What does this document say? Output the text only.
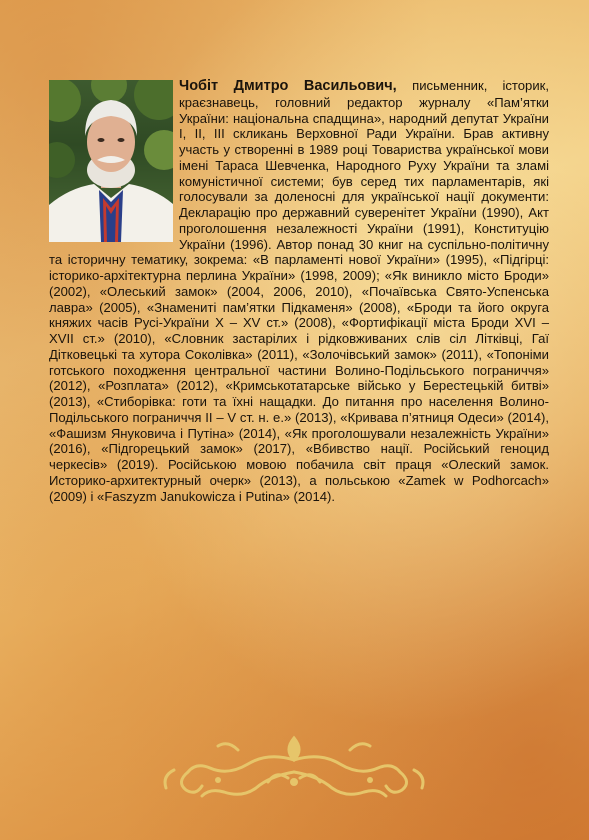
Чобіт Дмитро Васильович, письменник, історик, краєзнавець, головний редактор журналу «Пам’ятки України: національна спадщина», народний депутат України І, ІІ, ІІІ скликань Верховної Ради України. Брав активну участь у створенні в 1989 році Товариства української мови імені Тараса Шевченка, Народного Руху України та зламі комуністичної системи; був серед тих парламентарів, які голосували за доленосні для української нації документи: Декларацію про державний суверенітет України (1990), Акт проголошення незалежності України (1991), Конституцію України (1996). Автор понад 30 книг на суспільно-політичну та історичну тематику, зокрема: «В парламенті нової України» (1995), «Підгірці: історико-архітектурна перлина України» (1998, 2009); «Як виникло місто Броди» (2002), «Олеський замок» (2004, 2006, 2010), «Почаївська Свято-Успенська лавра» (2005), «Знамениті пам’ятки Підкаменя» (2008), «Броди та його округа княжих часів Русі-України Х – ХV ст.» (2008), «Фортифікації міста Броди ХVІ – ХVІІ ст.» (2010), «Словник застарілих і рідковживаних слів сіл Літківці, Гаї Дітковецькі та хутора Соколівка» (2011), «Золочівський замок» (2011), «Топоніми готського походження центральної частини Волино-Подільського пограниччя» (2012), «Розплата» (2012), «Кримськотатарське військо у Берестецькій битві» (2013), «Стиборівка: готи та їхні нащадки. До питання про населення Волино-Подільського пограниччя ІІ – V ст. н. е.» (2013), «Кривава п’ятниця Одеси» (2014), «Фашизм Януковича і Путіна» (2014), «Як проголошували незалежність України» (2016), «Підгорецький замок» (2017), «Вбивство нації. Російський геноцид черкесів» (2019). Російською мовою побачила світ праця «Олеский замок. Историко-архитектурный очерк» (2013), а польською «Zamek w Podhorcach» (2009) і «Faszyzm Janukowicza i Putina» (2014).
